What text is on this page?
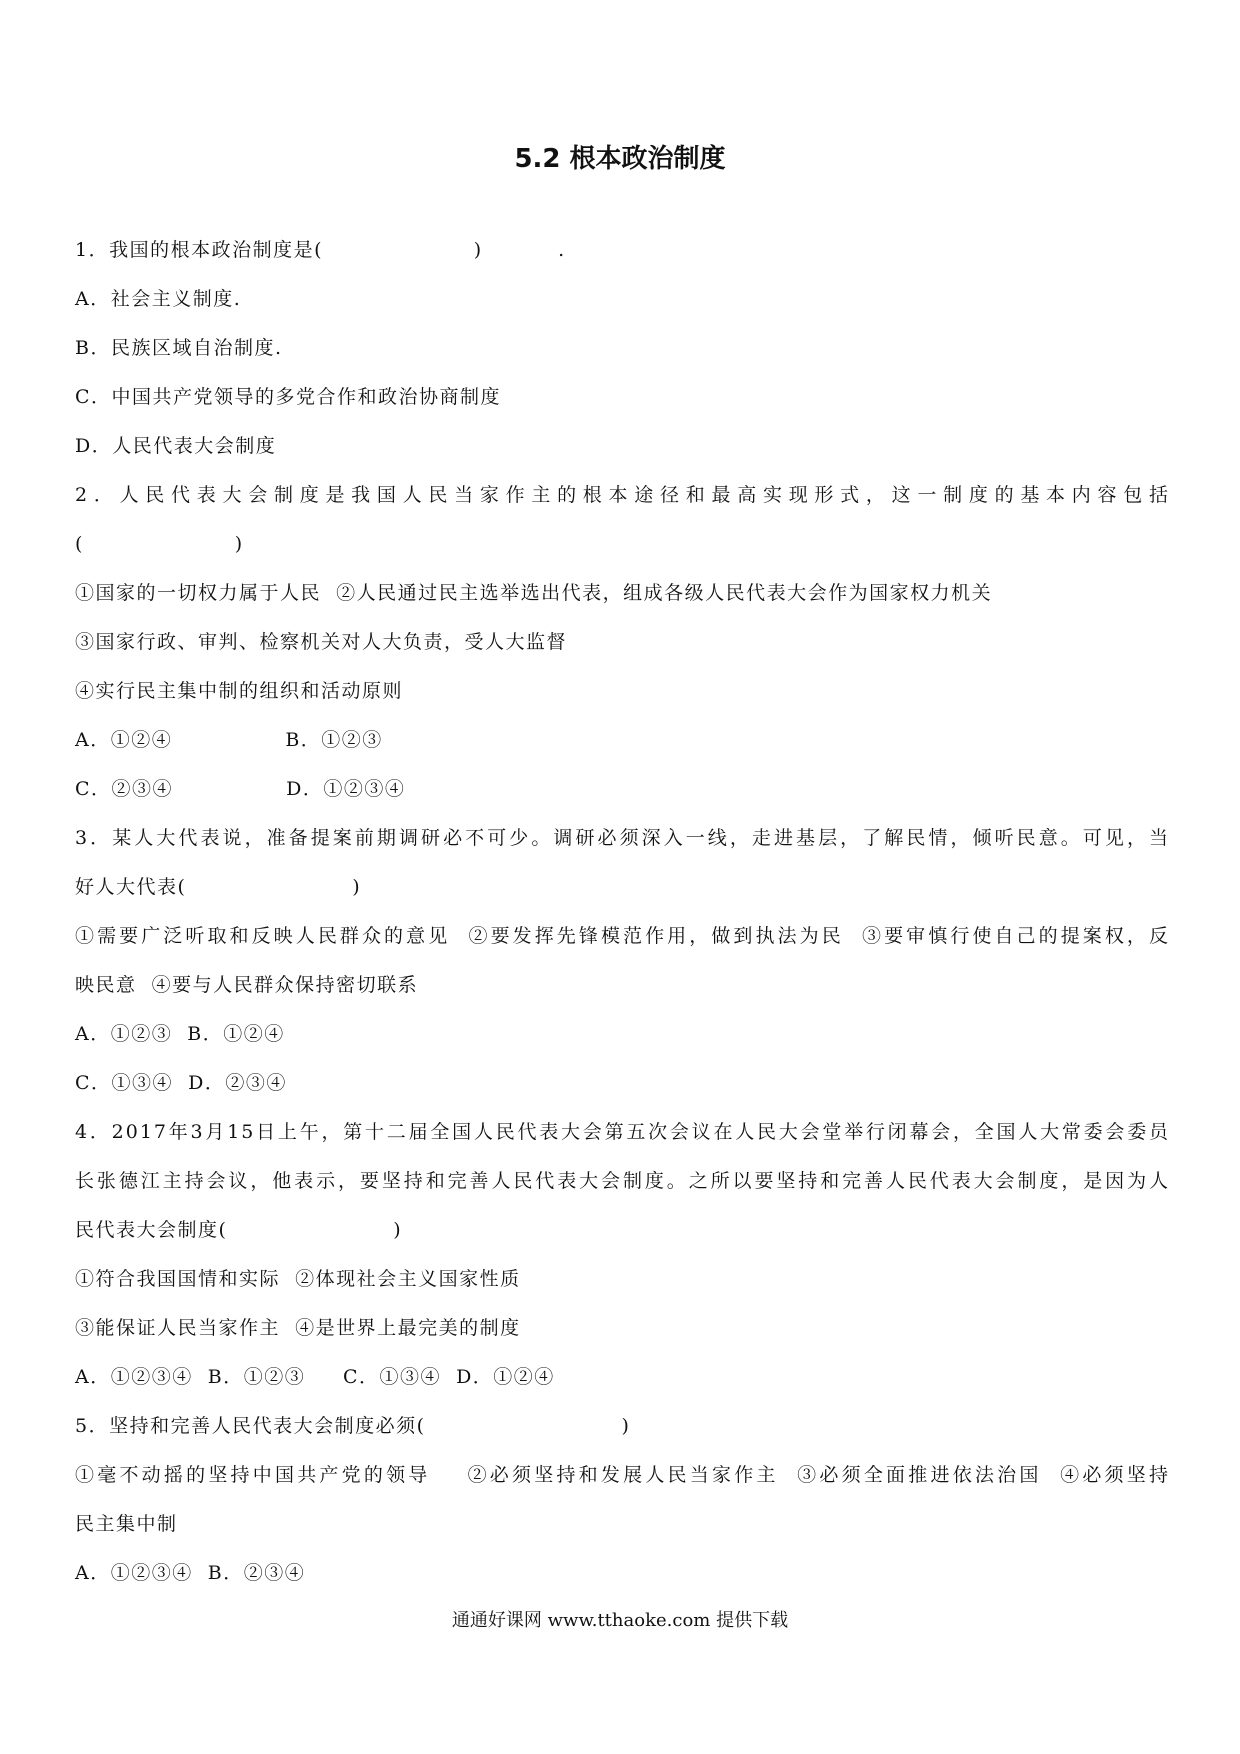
5.2 根本政治制度
1．我国的根本政治制度是(                    )          .
A．社会主义制度.
B．民族区域自治制度.
C．中国共产党领导的多党合作和政治协商制度
D．人民代表大会制度
2．人民代表大会制度是我国人民当家作主的根本途径和最高实现形式，这一制度的基本内容包括
(                    )
①国家的一切权力属于人民  ②人民通过民主选举选出代表，组成各级人民代表大会作为国家权力机关
③国家行政、审判、检察机关对人大负责，受人大监督
④实行民主集中制的组织和活动原则
A．①②④               B．①②③
C．②③④               D．①②③④
3．某人大代表说，准备提案前期调研必不可少。调研必须深入一线，走进基层，了解民情，倾听民意。可见，当
好人大代表(                      )
①需要广泛听取和反映人民群众的意见  ②要发挥先锋模范作用，做到执法为民  ③要审慎行使自己的提案权，反
映民意  ④要与人民群众保持密切联系
A．①②③  B．①②④
C．①③④  D．②③④
4．2017年3月15日上午，第十二届全国人民代表大会第五次会议在人民大会堂举行闭幕会，全国人大常委会委员
长张德江主持会议，他表示，要坚持和完善人民代表大会制度。之所以要坚持和完善人民代表大会制度，是因为人
民代表大会制度(                      )
①符合我国国情和实际  ②体现社会主义国家性质
③能保证人民当家作主  ④是世界上最完美的制度
A．①②③④  B．①②③     C．①③④  D．①②④
5．坚持和完善人民代表大会制度必须(                          )
①毫不动摇的坚持中国共产党的领导    ②必须坚持和发展人民当家作主  ③必须全面推进依法治国  ④必须坚持
民主集中制
A．①②③④  B．②③④
通通好课网 www.tthaoke.com 提供下载
